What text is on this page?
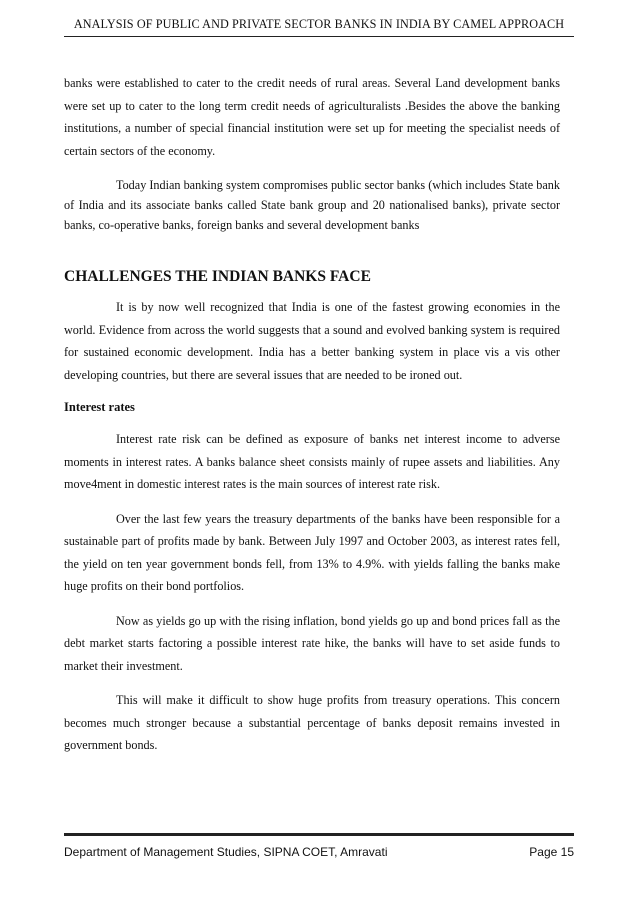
ANALYSIS OF PUBLIC AND PRIVATE SECTOR BANKS IN INDIA BY CAMEL APPROACH

banks were established to cater to the credit needs of rural areas. Several Land development banks were set up to cater to the long term credit needs of agriculturalists .Besides the above the banking institutions, a number of special financial institution were set up for meeting the specialist needs of certain sectors of the economy.

Today Indian banking system compromises public sector banks (which includes State bank of India and its associate banks called State bank group and 20 nationalised banks), private sector banks, co-operative banks, foreign banks and several development banks

CHALLENGES THE INDIAN BANKS FACE

It is by now well recognized that India is one of the fastest growing economies in the world. Evidence from across the world suggests that a sound and evolved banking system is required for sustained economic development. India has a better banking system in place vis a vis other developing countries, but there are several issues that are needed to be ironed out.

Interest rates

Interest rate risk can be defined as exposure of banks net interest income to adverse moments in interest rates. A banks balance sheet consists mainly of rupee assets and liabilities. Any move4ment in domestic interest rates is the main sources of interest rate risk.

Over the last few years the treasury departments of the banks have been responsible for a sustainable part of profits made by bank. Between July 1997 and October 2003, as interest rates fell, the yield on ten year government bonds fell, from 13% to 4.9%. with yields falling the banks make huge profits on their bond portfolios.

Now as yields go up with the rising inflation, bond yields go up and bond prices fall as the debt market starts factoring a possible interest rate hike, the banks will have to set aside funds to market their investment.

This will make it difficult to show huge profits from treasury operations. This concern becomes much stronger because a substantial percentage of banks deposit remains invested in government bonds.

Department of Management Studies, SIPNA COET, Amravati	Page 15
